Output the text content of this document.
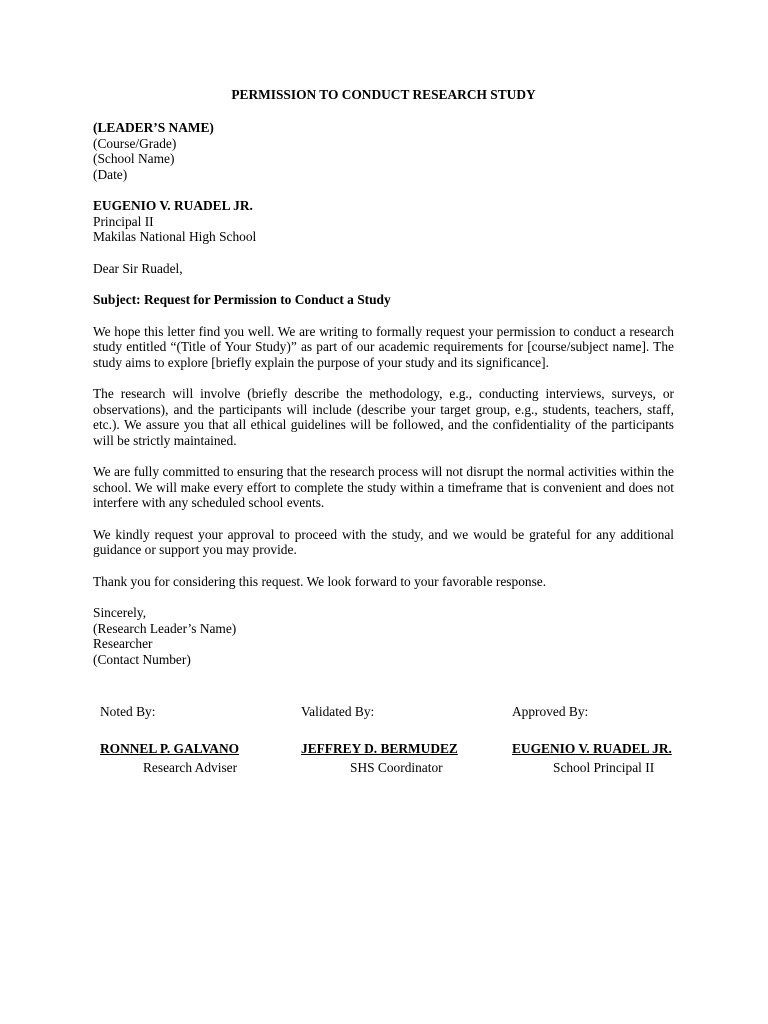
PERMISSION TO CONDUCT RESEARCH STUDY

(LEADER’S NAME)
(Course/Grade)
(School Name)
(Date)
EUGENIO V. RUADEL JR.
Principal II
Makilas National High School

Dear Sir Ruadel,

Subject: Request for Permission to Conduct a Study

We hope this letter find you well. We are writing to formally request your permission to conduct a research study entitled “(Title of Your Study)” as part of our academic requirements for [course/subject name]. The study aims to explore [briefly explain the purpose of your study and its significance].

The research will involve (briefly describe the methodology, e.g., conducting interviews, surveys, or observations), and the participants will include (describe your target group, e.g., students, teachers, staff, etc.). We assure you that all ethical guidelines will be followed, and the confidentiality of the participants will be strictly maintained.

We are fully committed to ensuring that the research process will not disrupt the normal activities within the school. We will make every effort to complete the study within a timeframe that is convenient and does not interfere with any scheduled school events.

We kindly request your approval to proceed with the study, and we would be grateful for any additional guidance or support you may provide.

Thank you for considering this request. We look forward to your favorable response.

Sincerely,
(Research Leader’s Name)
Researcher
(Contact Number)
Noted By:
RONNEL P. GALVANO
Research Adviser
Validated By:
JEFFREY D. BERMUDEZ
SHS Coordinator
Approved By:
EUGENIO V. RUADEL JR.
School Principal II
